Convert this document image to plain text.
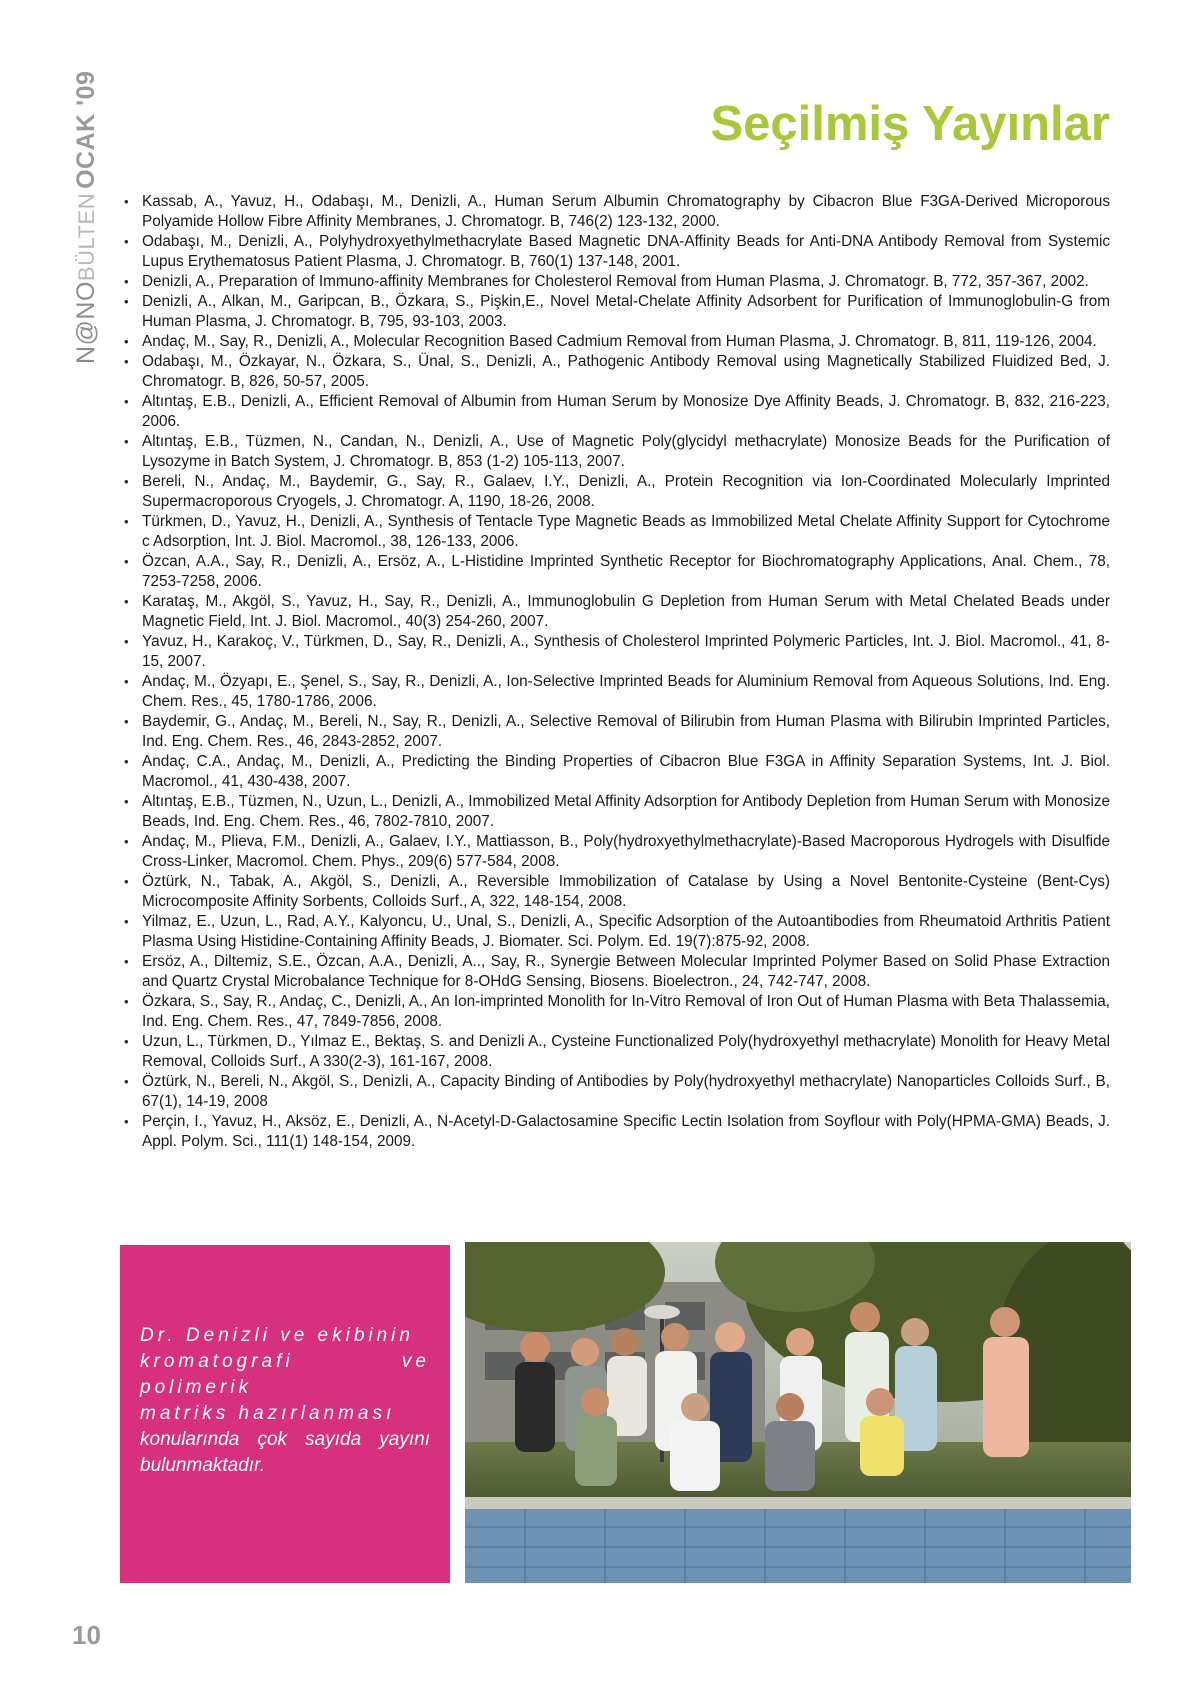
N@NOBÜLTENOCAK '09	Seçilmiş Yayınlar
• Kassab, A., Yavuz, H., Odabaşı, M., Denizli, A., Human Serum Albumin Chromatography by Cibacron Blue F3GA-Derived Microporous Polyamide Hollow Fibre Affinity Membranes, J. Chromatogr. B, 746(2) 123-132, 2000.
• Odabaşı, M., Denizli, A., Polyhydroxyethylmethacrylate Based Magnetic DNA-Affinity Beads for Anti-DNA Antibody Removal from Systemic Lupus Erythematosus Patient Plasma, J. Chromatogr. B, 760(1) 137-148, 2001.
• Denizli, A., Preparation of Immuno-affinity Membranes for Cholesterol Removal from Human Plasma, J. Chromatogr. B, 772, 357-367, 2002.
• Denizli, A., Alkan, M., Garipcan, B., Özkara, S., Pişkin,E., Novel Metal-Chelate Affinity Adsorbent for Purification of Immunoglobulin-G from Human Plasma, J. Chromatogr. B, 795, 93-103, 2003.
• Andaç, M., Say, R., Denizli, A., Molecular Recognition Based Cadmium Removal from Human Plasma, J. Chromatogr. B, 811, 119-126, 2004.
• Odabaşı, M., Özkayar, N., Özkara, S., Ünal, S., Denizli, A., Pathogenic Antibody Removal using Magnetically Stabilized Fluidized Bed, J. Chromatogr. B, 826, 50-57, 2005.
• Altıntaş, E.B., Denizli, A., Efficient Removal of Albumin from Human Serum by Monosize Dye Affinity Beads, J. Chromatogr. B, 832, 216-223, 2006.
• Altıntaş, E.B., Tüzmen, N., Candan, N., Denizli, A., Use of Magnetic Poly(glycidyl methacrylate) Monosize Beads for the Purification of Lysozyme in Batch System, J. Chromatogr. B, 853 (1-2) 105-113, 2007.
• Bereli, N., Andaç, M., Baydemir, G., Say, R., Galaev, I.Y., Denizli, A., Protein Recognition via Ion-Coordinated Molecularly Imprinted Supermacroporous Cryogels, J. Chromatogr. A, 1190, 18-26, 2008.
• Türkmen, D., Yavuz, H., Denizli, A., Synthesis of Tentacle Type Magnetic Beads as Immobilized Metal Chelate Affinity Support for Cytochrome c Adsorption, Int. J. Biol. Macromol., 38, 126-133, 2006.
• Özcan, A.A., Say, R., Denizli, A., Ersöz, A., L-Histidine Imprinted Synthetic Receptor for Biochromatography Applications, Anal. Chem., 78, 7253-7258, 2006.
• Karataş, M., Akgöl, S., Yavuz, H., Say, R., Denizli, A., Immunoglobulin G Depletion from Human Serum with Metal Chelated Beads under Magnetic Field, Int. J. Biol. Macromol., 40(3) 254-260, 2007.
• Yavuz, H., Karakoç, V., Türkmen, D., Say, R., Denizli, A., Synthesis of Cholesterol Imprinted Polymeric Particles, Int. J. Biol. Macromol., 41, 8-15, 2007.
• Andaç, M., Özyapı, E., Şenel, S., Say, R., Denizli, A., Ion-Selective Imprinted Beads for Aluminium Removal from Aqueous Solutions, Ind. Eng. Chem. Res., 45, 1780-1786, 2006.
• Baydemir, G., Andaç, M., Bereli, N., Say, R., Denizli, A., Selective Removal of Bilirubin from Human Plasma with Bilirubin Imprinted Particles, Ind. Eng. Chem. Res., 46, 2843-2852, 2007.
• Andaç, C.A., Andaç, M., Denizli, A., Predicting the Binding Properties of Cibacron Blue F3GA in Affinity Separation Systems, Int. J. Biol. Macromol., 41, 430-438, 2007.
• Altıntaş, E.B., Tüzmen, N., Uzun, L., Denizli, A., Immobilized Metal Affinity Adsorption for Antibody Depletion from Human Serum with Monosize Beads, Ind. Eng. Chem. Res., 46, 7802-7810, 2007.
• Andaç, M., Plieva, F.M., Denizli, A., Galaev, I.Y., Mattiasson, B., Poly(hydroxyethylmethacrylate)-Based Macroporous Hydrogels with Disulfide Cross-Linker, Macromol. Chem. Phys., 209(6) 577-584, 2008.
• Öztürk, N., Tabak, A., Akgöl, S., Denizli, A., Reversible Immobilization of Catalase by Using a Novel Bentonite-Cysteine (Bent-Cys) Microcomposite Affinity Sorbents, Colloids Surf., A, 322, 148-154, 2008.
• Yilmaz, E., Uzun, L., Rad, A.Y., Kalyoncu, U., Unal, S., Denizli, A., Specific Adsorption of the Autoantibodies from Rheumatoid Arthritis Patient Plasma Using Histidine-Containing Affinity Beads, J. Biomater. Sci. Polym. Ed. 19(7):875-92, 2008.
• Ersöz, A., Diltemiz, S.E., Özcan, A.A., Denizli, A.., Say, R., Synergie Between Molecular Imprinted Polymer Based on Solid Phase Extraction and Quartz Crystal Microbalance Technique for 8-OHdG Sensing, Biosens. Bioelectron., 24, 742-747, 2008.
• Özkara, S., Say, R., Andaç, C., Denizli, A., An Ion-imprinted Monolith for In-Vitro Removal of Iron Out of Human Plasma with Beta Thalassemia, Ind. Eng. Chem. Res., 47, 7849-7856, 2008.
• Uzun, L., Türkmen, D., Yılmaz E., Bektaş, S. and Denizli A., Cysteine Functionalized Poly(hydroxyethyl methacrylate) Monolith for Heavy Metal Removal, Colloids Surf., A 330(2-3), 161-167, 2008.
• Öztürk, N., Bereli, N., Akgöl, S., Denizli, A., Capacity Binding of Antibodies by Poly(hydroxyethyl methacrylate) Nanoparticles Colloids Surf., B, 67(1), 14-19, 2008
• Perçin, I., Yavuz, H., Aksöz, E., Denizli, A., N-Acetyl-D-Galactosamine Specific Lectin Isolation from Soyflour with Poly(HPMA-GMA) Beads, J. Appl. Polym. Sci., 111(1) 148-154, 2009.

Dr. Denizli ve ekibinin
kromatografi ve polimerik
matriks hazırlanması
konularında çok sayıda yayını bulunmaktadır.

10
